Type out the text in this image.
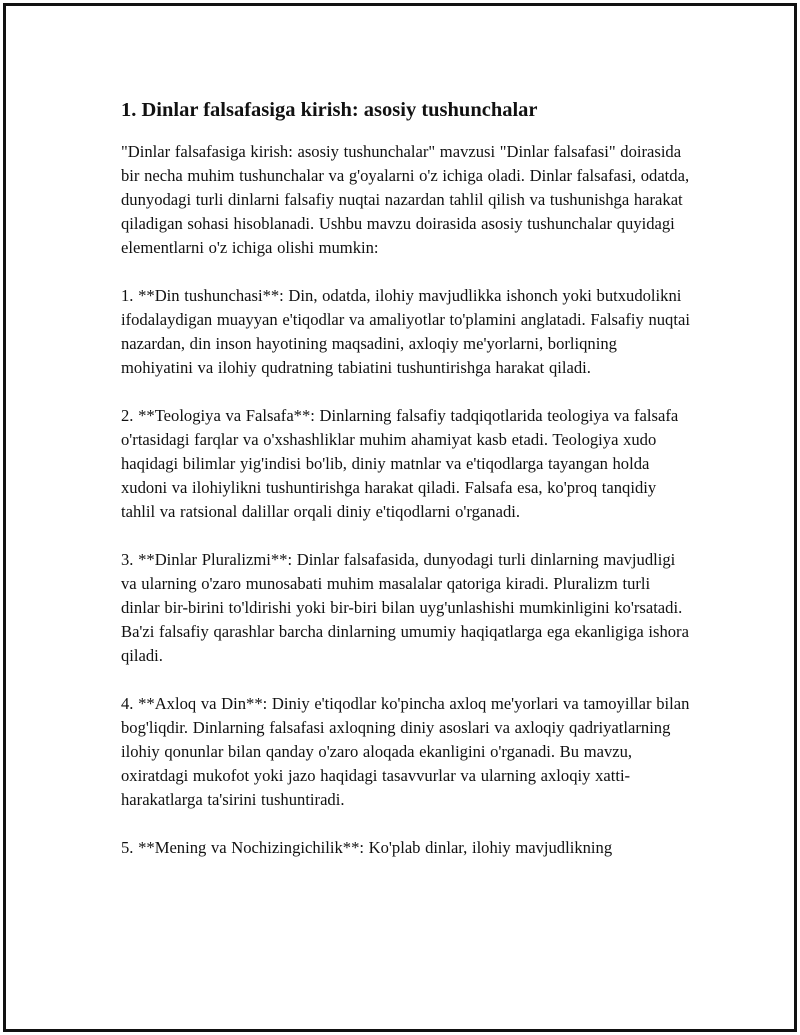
1. Dinlar falsafasiga kirish: asosiy tushunchalar

"Dinlar falsafasiga kirish: asosiy tushunchalar" mavzusi "Dinlar falsafasi" doirasida bir necha muhim tushunchalar va g'oyalarni o'z ichiga oladi. Dinlar falsafasi, odatda, dunyodagi turli dinlarni falsafiy nuqtai nazardan tahlil qilish va tushunishga harakat qiladigan sohasi hisoblanadi. Ushbu mavzu doirasida asosiy tushunchalar quyidagi elementlarni o'z ichiga olishi mumkin:

1. **Din tushunchasi**: Din, odatda, ilohiy mavjudlikka ishonch yoki butxudolikni ifodalaydigan muayyan e'tiqodlar va amaliyotlar to'plamini anglatadi. Falsafiy nuqtai nazardan, din inson hayotining maqsadini, axloqiy me'yorlarni, borliqning mohiyatini va ilohiy qudratning tabiatini tushuntirishga harakat qiladi.

2. **Teologiya va Falsafa**: Dinlarning falsafiy tadqiqotlarida teologiya va falsafa o'rtasidagi farqlar va o'xshashliklar muhim ahamiyat kasb etadi. Teologiya xudo haqidagi bilimlar yig'indisi bo'lib, diniy matnlar va e'tiqodlarga tayangan holda xudoni va ilohiylikni tushuntirishga harakat qiladi. Falsafa esa, ko'proq tanqidiy tahlil va ratsional dalillar orqali diniy e'tiqodlarni o'rganadi.

3. **Dinlar Pluralizmi**: Dinlar falsafasida, dunyodagi turli dinlarning mavjudligi va ularning o'zaro munosabati muhim masalalar qatoriga kiradi. Pluralizm turli dinlar bir-birini to'ldirishi yoki bir-biri bilan uyg'unlashishi mumkinligini ko'rsatadi. Ba'zi falsafiy qarashlar barcha dinlarning umumiy haqiqatlarga ega ekanligiga ishora qiladi.

4. **Axloq va Din**: Diniy e'tiqodlar ko'pincha axloq me'yorlari va tamoyillar bilan bog'liqdir. Dinlarning falsafasi axloqning diniy asoslari va axloqiy qadriyatlarning ilohiy qonunlar bilan qanday o'zaro aloqada ekanligini o'rganadi. Bu mavzu, oxiratdagi mukofot yoki jazo haqidagi tasavvurlar va ularning axloqiy xatti-harakatlarga ta'sirini tushuntiradi.

5. **Mening va Nochizingichilik**: Ko'plab dinlar, ilohiy mavjudlikning
